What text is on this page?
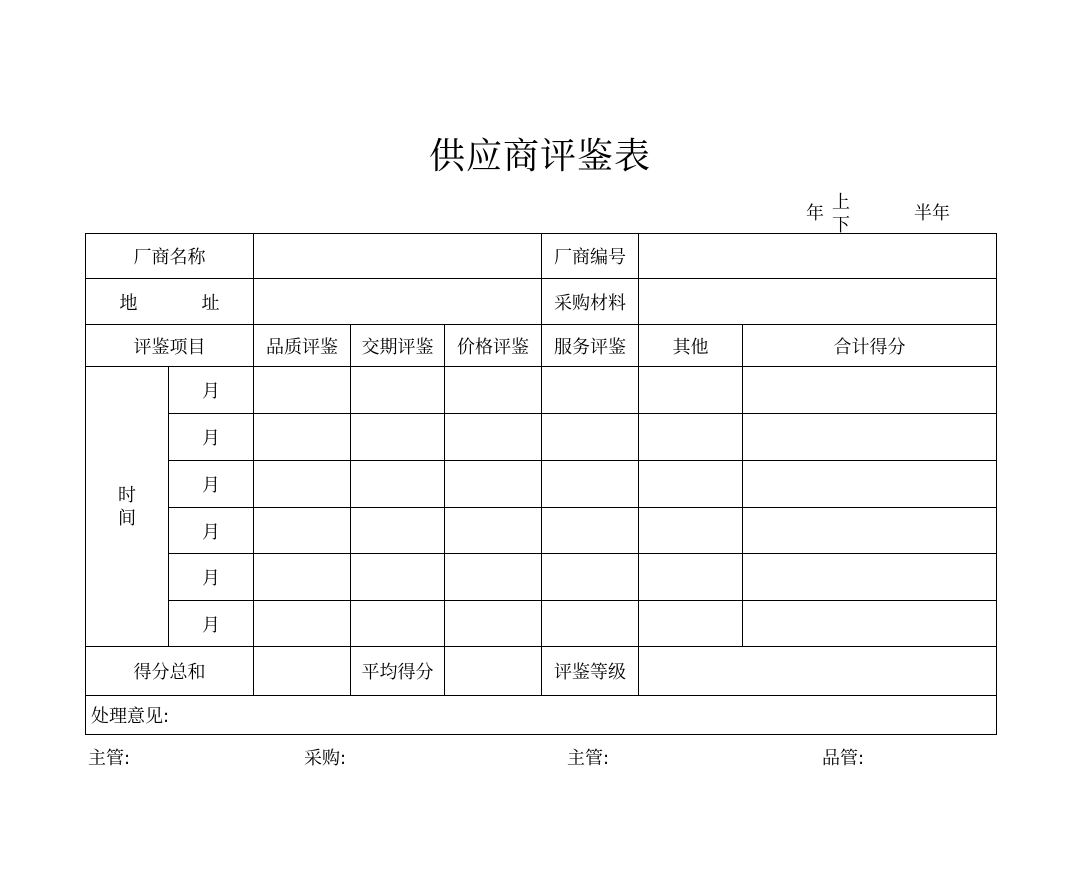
供应商评鉴表
年
上
下
半年
厂商名称					厂商编号		
地 址					采购材料		
评鉴项目		品质评鉴	交期评鉴	价格评鉴	服务评鉴	其他	合计得分
时间	月						
	月						
	月						
	月						
	月						
	月						
得分总和			平均得分		评鉴等级		
处理意见:							
主管:	采购:	主管:	品管:
